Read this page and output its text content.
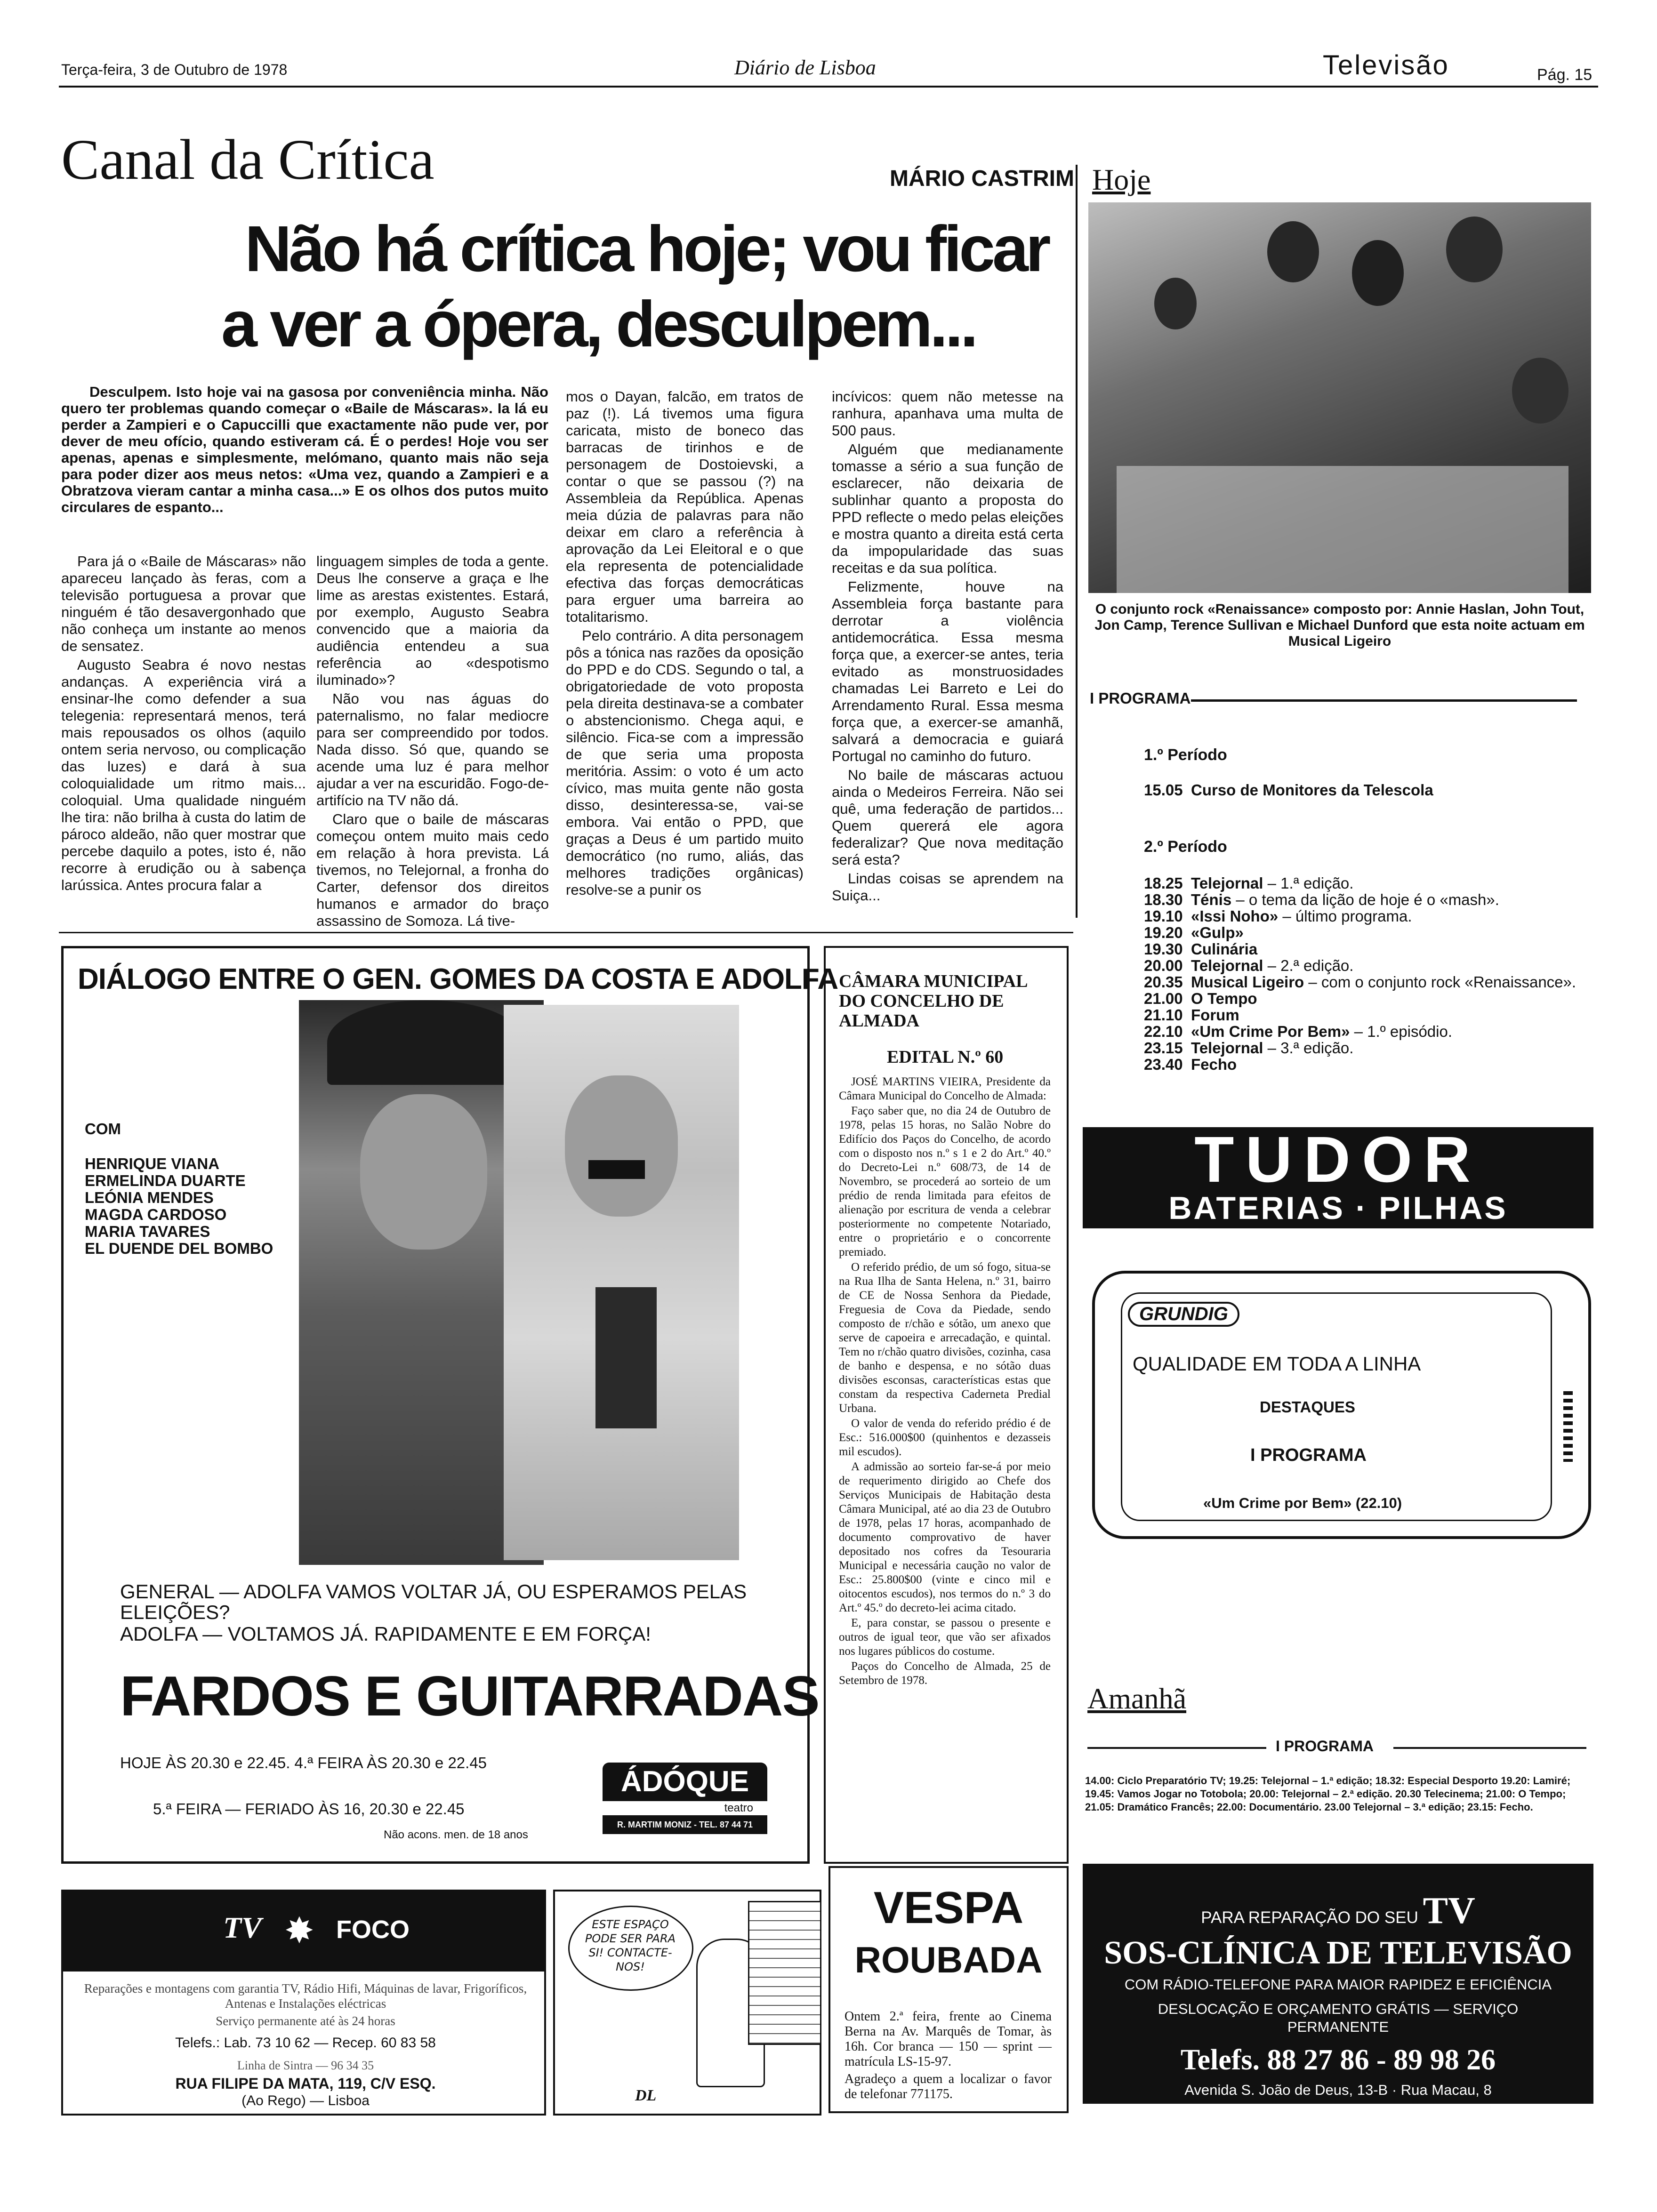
Terça-feira, 3 de Outubro de 1978	Diário de Lisboa	Televisão	Pág. 15
Canal da Crítica	MÁRIO CASTRIM
Não há crítica hoje; vou ficar
a ver a ópera, desculpem...

Desculpem. Isto hoje vai na gasosa por conveniência minha. Não quero ter problemas quando começar o «Baile de Máscaras». Ia lá eu perder a Zampieri e o Capuccilli que exactamente não pude ver, por dever de meu ofício, quando estiveram cá. É o perdes! Hoje vou ser apenas, apenas e simplesmente, melómano, quanto mais não seja para poder dizer aos meus netos: «Uma vez, quando a Zampieri e a Obratzova vieram cantar a minha casa...» E os olhos dos putos muito circulares de espanto...

Para já o «Baile de Máscaras» não apareceu lançado às feras, com a televisão portuguesa a provar que ninguém é tão desavergonhado que não conheça um instante ao menos de sensatez.

Augusto Seabra é novo nestas andanças. A experiência virá a ensinar-lhe como defender a sua telegenia: representará menos, terá mais repousados os olhos (aquilo ontem seria nervoso, ou complicação das luzes) e dará à sua coloquialidade um ritmo mais... coloquial. Uma qualidade ninguém lhe tira: não brilha à custa do latim de pároco aldeão, não quer mostrar que percebe daquilo a potes, isto é, não recorre à erudição ou à sabença larússica. Antes procura falar a

linguagem simples de toda a gente. Deus lhe conserve a graça e lhe lime as arestas existentes. Estará, por exemplo, Augusto Seabra convencido que a maioria da audiência entendeu a sua referência ao «despotismo iluminado»?

Não vou nas águas do paternalismo, no falar mediocre para ser compreendido por todos. Nada disso. Só que, quando se acende uma luz é para melhor ajudar a ver na escuridão. Fogo-de-artifício na TV não dá.

Claro que o baile de máscaras começou ontem muito mais cedo em relação à hora prevista. Lá tivemos, no Telejornal, a fronha do Carter, defensor dos direitos humanos e armador do braço assassino de Somoza. Lá tive-

mos o Dayan, falcão, em tratos de paz (!). Lá tivemos uma figura caricata, misto de boneco das barracas de tirinhos e de personagem de Dostoievski, a contar o que se passou (?) na Assembleia da República. Apenas meia dúzia de palavras para não deixar em claro a referência à aprovação da Lei Eleitoral e o que ela representa de potencialidade efectiva das forças democráticas para erguer uma barreira ao totalitarismo.

Pelo contrário. A dita personagem pôs a tónica nas razões da oposição do PPD e do CDS. Segundo o tal, a obrigatoriedade de voto proposta pela direita destinava-se a combater o abstencionismo. Chega aqui, e silêncio. Fica-se com a impressão de que seria uma proposta meritória. Assim: o voto é um acto cívico, mas muita gente não gosta disso, desinteressa-se, vai-se embora. Vai então o PPD, que graças a Deus é um partido muito democrático (no rumo, aliás, das melhores tradições orgânicas) resolve-se a punir os

incívicos: quem não metesse na ranhura, apanhava uma multa de 500 paus.

Alguém que medianamente tomasse a sério a sua função de esclarecer, não deixaria de sublinhar quanto a proposta do PPD reflecte o medo pelas eleições e mostra quanto a direita está certa da impopularidade das suas receitas e da sua política.

Felizmente, houve na Assembleia força bastante para derrotar a violência antidemocrática. Essa mesma força que, a exercer-se antes, teria evitado as monstruosidades chamadas Lei Barreto e Lei do Arrendamento Rural. Essa mesma força que, a exercer-se amanhã, salvará a democracia e guiará Portugal no caminho do futuro.

No baile de máscaras actuou ainda o Medeiros Ferreira. Não sei quê, uma federação de partidos... Quem quererá ele agora federalizar? Que nova meditação será esta?

Lindas coisas se aprendem na Suiça...

Hoje
O conjunto rock «Renaissance» composto por: Annie Haslan, John Tout, Jon Camp, Terence Sullivan e Michael Dunford que esta noite actuam em Musical Ligeiro
I PROGRAMA
1.º Período
15.05 Curso de Monitores da Telescola
2.º Período
18.25 Telejornal – 1.ª edição.
18.30 Ténis – o tema da lição de hoje é o «mash».
19.10 «Issi Noho» – último programa.
19.20 «Gulp»
19.30 Culinária
20.00 Telejornal – 2.ª edição.
20.35 Musical Ligeiro – com o conjunto rock «Renaissance».
21.00 O Tempo
21.10 Forum
22.10 «Um Crime Por Bem» – 1.º episódio.
23.15 Telejornal – 3.ª edição.
23.40 Fecho
TUDOR
BATERIAS · PILHAS
GRUNDIG
QUALIDADE EM TODA A LINHA
DESTAQUES
I PROGRAMA
«Um Crime por Bem» (22.10)
Amanhã
I PROGRAMA
14.00: Ciclo Preparatório TV; 19.25: Telejornal – 1.ª edição; 18.32: Especial Desporto 19.20: Lamiré; 19.45: Vamos Jogar no Totobola; 20.00: Telejornal – 2.ª edição. 20.30 Telecinema; 21.00: O Tempo; 21.05: Dramático Francês; 22.00: Documentário. 23.00 Telejornal – 3.ª edição; 23.15: Fecho.
PARA REPARAÇÃO DO SEU TV
SOS-CLÍNICA DE TELEVISÃO
COM RÁDIO-TELEFONE PARA MAIOR RAPIDEZ E EFICIÊNCIA
DESLOCAÇÃO E ORÇAMENTO GRÁTIS — SERVIÇO PERMANENTE
Telefs. 88 27 86 - 89 98 26
Avenida S. João de Deus, 13-B · Rua Macau, 8
DIÁLOGO ENTRE O GEN. GOMES DA COSTA E ADOLFA
COM
HENRIQUE VIANA
ERMELINDA DUARTE
LEÓNIA MENDES
MAGDA CARDOSO
MARIA TAVARES
EL DUENDE DEL BOMBO
GENERAL — ADOLFA VAMOS VOLTAR JÁ, OU ESPERAMOS PELAS ELEIÇÕES?
ADOLFA — VOLTAMOS JÁ. RAPIDAMENTE E EM FORÇA!
FARDOS E GUITARRADAS
HOJE ÀS 20.30 e 22.45. 4.ª FEIRA ÀS 20.30 e 22.45
5.ª FEIRA — FERIADO ÀS 16, 20.30 e 22.45
Não acons. men. de 18 anos
ÁDÓQUE
teatro
R. MARTIM MONIZ - TEL. 87 44 71
CÂMARA MUNICIPAL DO CONCELHO DE ALMADA
EDITAL N.º 60

JOSÉ MARTINS VIEIRA, Presidente da Câmara Municipal do Concelho de Almada:

Faço saber que, no dia 24 de Outubro de 1978, pelas 15 horas, no Salão Nobre do Edifício dos Paços do Concelho, de acordo com o disposto nos n.º s 1 e 2 do Art.º 40.º do Decreto-Lei n.º 608/73, de 14 de Novembro, se procederá ao sorteio de um prédio de renda limitada para efeitos de alienação por escritura de venda a celebrar posteriormente no competente Notariado, entre o proprietário e o concorrente premiado.

O referido prédio, de um só fogo, situa-se na Rua Ilha de Santa Helena, n.º 31, bairro de CE de Nossa Senhora da Piedade, Freguesia de Cova da Piedade, sendo composto de r/chão e sótão, um anexo que serve de capoeira e arrecadação, e quintal. Tem no r/chão quatro divisões, cozinha, casa de banho e despensa, e no sótão duas divisões esconsas, características estas que constam da respectiva Caderneta Predial Urbana.

O valor de venda do referido prédio é de Esc.: 516.000$00 (quinhentos e dezasseis mil escudos).

A admissão ao sorteio far-se-á por meio de requerimento dirigido ao Chefe dos Serviços Municipais de Habitação desta Câmara Municipal, até ao dia 23 de Outubro de 1978, pelas 17 horas, acompanhado de documento comprovativo de haver depositado nos cofres da Tesouraria Municipal e necessária caução no valor de Esc.: 25.800$00 (vinte e cinco mil e oitocentos escudos), nos termos do n.º 3 do Art.º 45.º do decreto-lei acima citado.

E, para constar, se passou o presente e outros de igual teor, que vão ser afixados nos lugares públicos do costume.

Paços do Concelho de Almada, 25 de Setembro de 1978.

TV ✸ FOCO
Reparações e montagens com garantia TV, Rádio Hifi, Máquinas de lavar, Frigoríficos, Antenas e Instalações eléctricas
Serviço permanente até às 24 horas
Telefs.: Lab. 73 10 62 — Recep. 60 83 58
Linha de Sintra — 96 34 35
RUA FILIPE DA MATA, 119, C/V ESQ.
(Ao Rego) — Lisboa
ESTE ESPAÇO PODE SER PARA SI! CONTACTE-NOS!
DL
VESPA
ROUBADA
Ontem 2.ª feira, frente ao Cinema Berna na Av. Marquês de Tomar, às 16h. Cor branca — 150 — sprint — matrícula LS-15-97.
Agradeço a quem a localizar o favor de telefonar 771175.
